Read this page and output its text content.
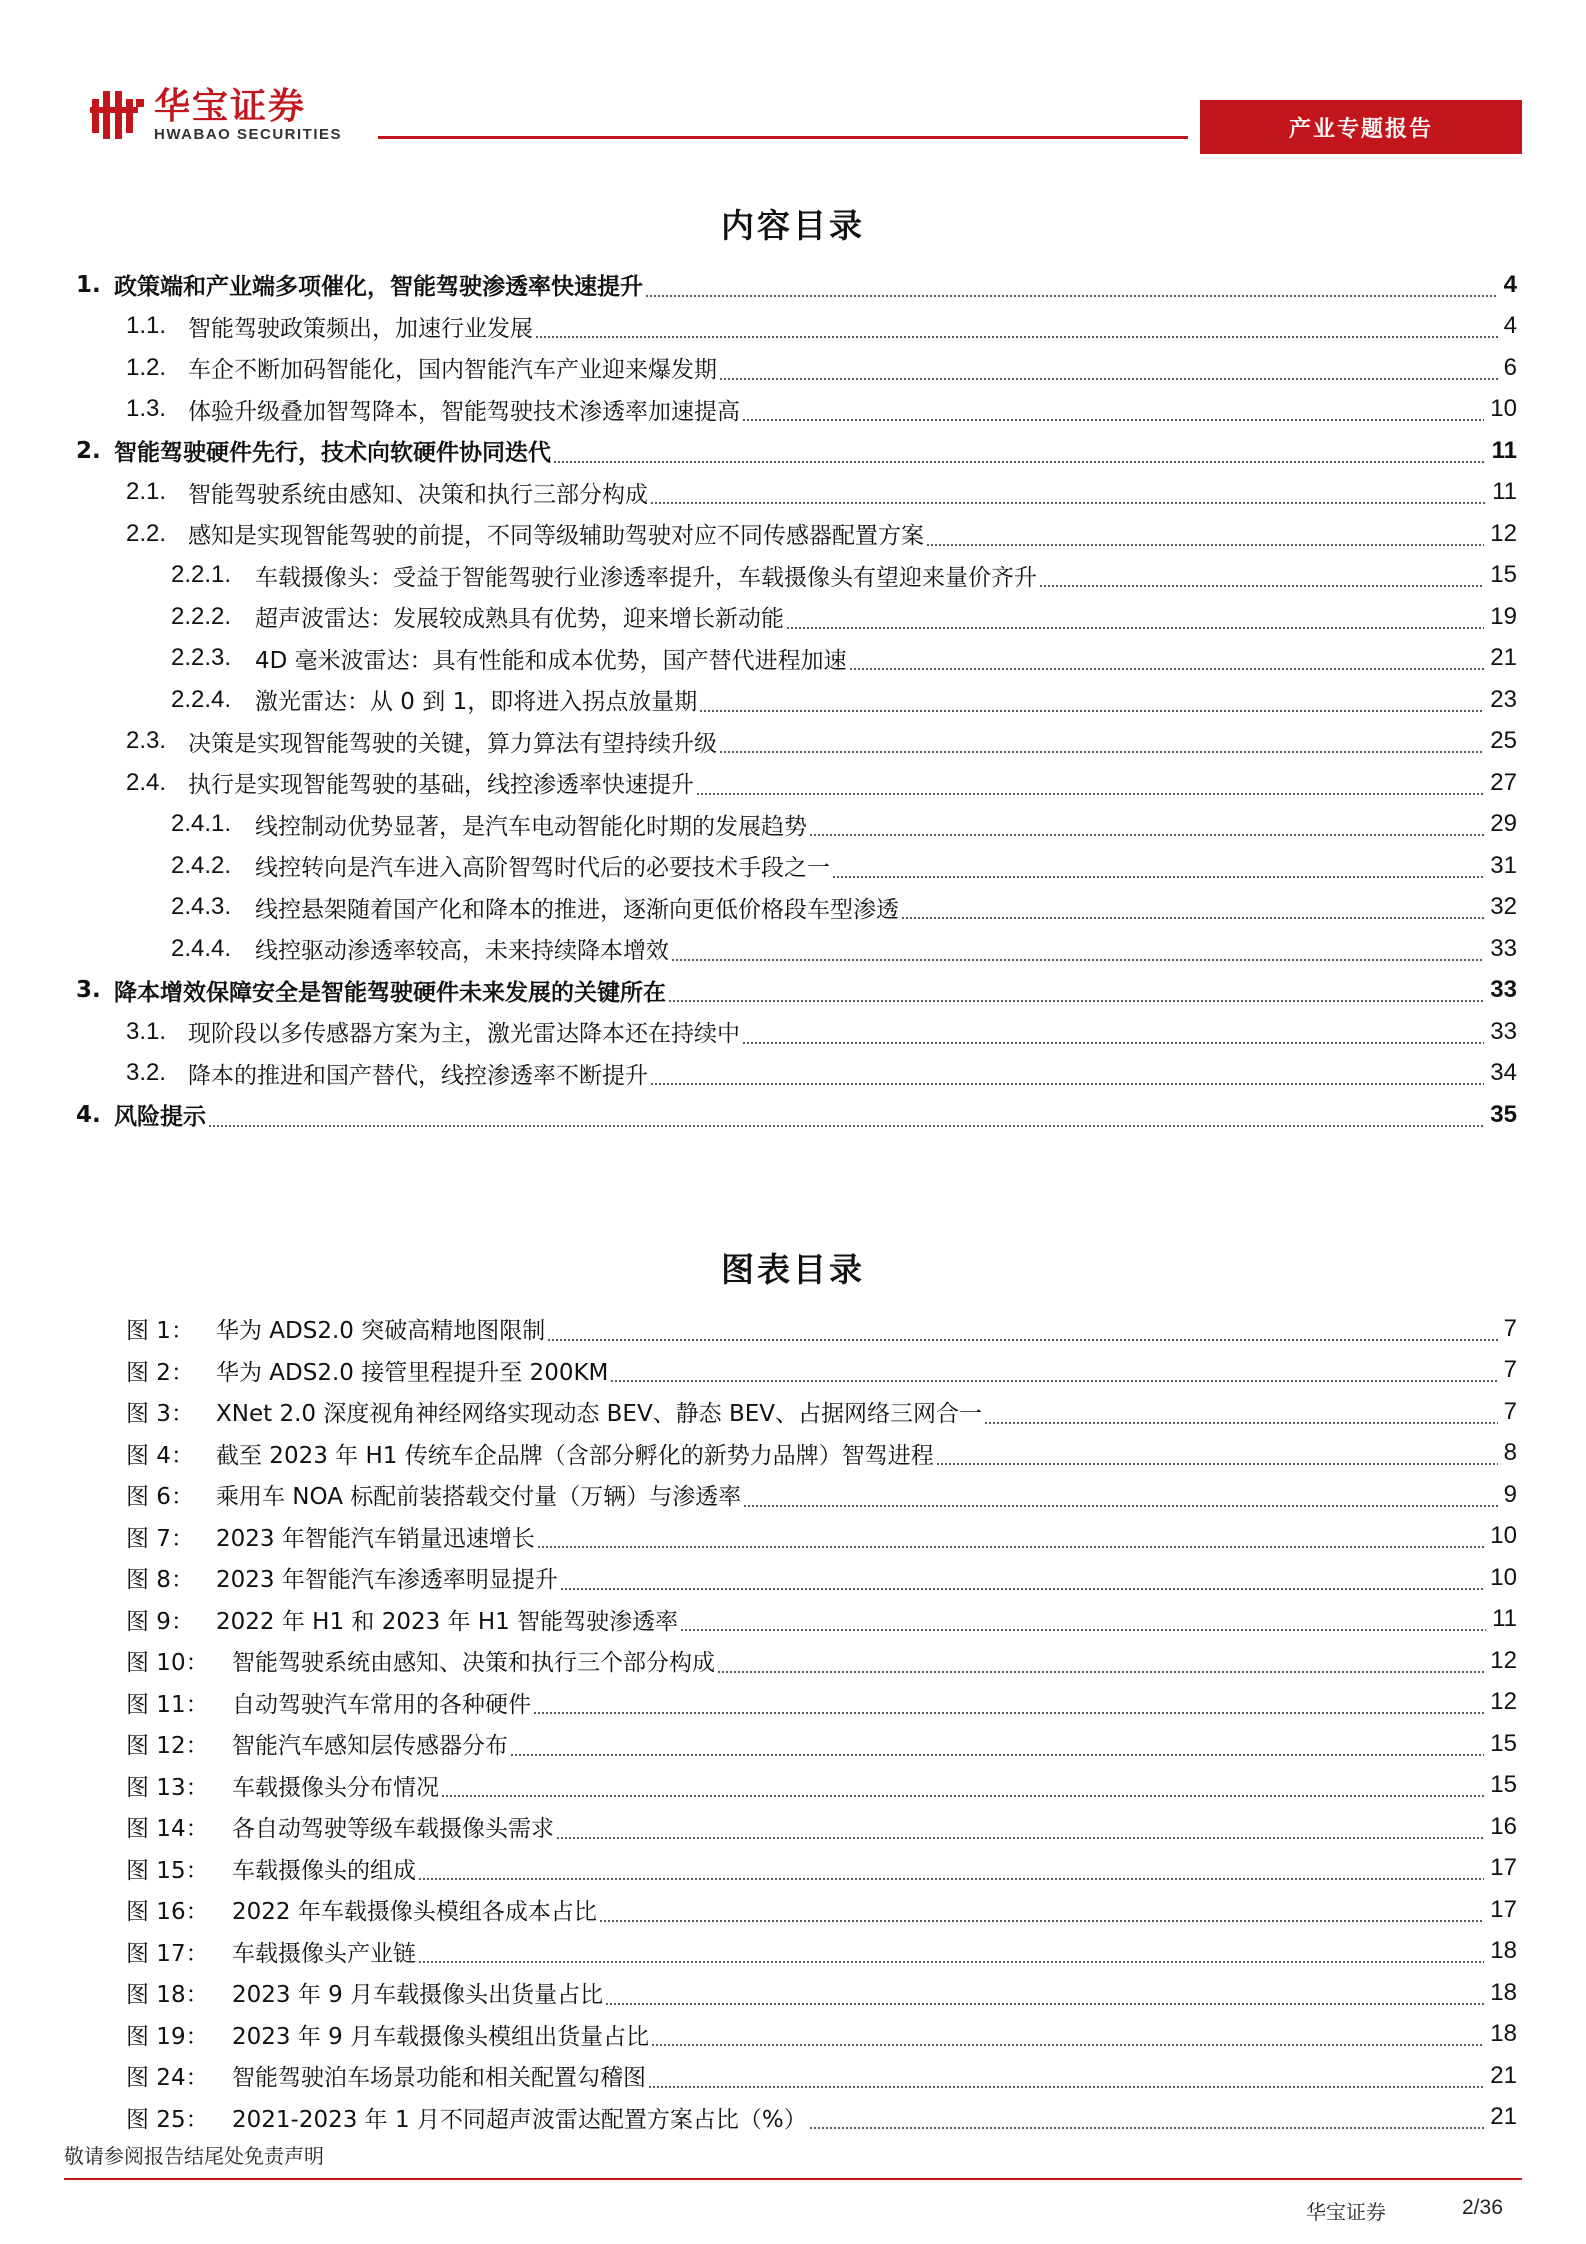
华宝证券
HWABAO SECURITIES	产业专题报告
内容目录
1. 政策端和产业端多项催化，智能驾驶渗透率快速提升	4
1.1. 智能驾驶政策频出，加速行业发展	4
1.2. 车企不断加码智能化，国内智能汽车产业迎来爆发期	6
1.3. 体验升级叠加智驾降本，智能驾驶技术渗透率加速提高	10
2. 智能驾驶硬件先行，技术向软硬件协同迭代	11
2.1. 智能驾驶系统由感知、决策和执行三部分构成	11
2.2. 感知是实现智能驾驶的前提，不同等级辅助驾驶对应不同传感器配置方案	12
2.2.1.	车载摄像头：受益于智能驾驶行业渗透率提升，车载摄像头有望迎来量价齐升	15
2.2.2.	超声波雷达：发展较成熟具有优势，迎来增长新动能	19
2.2.3.	4D 毫米波雷达：具有性能和成本优势，国产替代进程加速	21
2.2.4.	激光雷达：从 0 到 1，即将进入拐点放量期	23
2.3. 决策是实现智能驾驶的关键，算力算法有望持续升级	25
2.4. 执行是实现智能驾驶的基础，线控渗透率快速提升	27
2.4.1.	线控制动优势显著，是汽车电动智能化时期的发展趋势	29
2.4.2.	线控转向是汽车进入高阶智驾时代后的必要技术手段之一	31
2.4.3.	线控悬架随着国产化和降本的推进，逐渐向更低价格段车型渗透	32
2.4.4.	线控驱动渗透率较高，未来持续降本增效	33
3. 降本增效保障安全是智能驾驶硬件未来发展的关键所在	33
3.1. 现阶段以多传感器方案为主，激光雷达降本还在持续中	33
3.2. 降本的推进和国产替代，线控渗透率不断提升	34
4. 风险提示	35
图表目录
图 1： 华为 ADS2.0 突破高精地图限制	7
图 2： 华为 ADS2.0 接管里程提升至 200KM	7
图 3： XNet 2.0 深度视角神经网络实现动态 BEV、静态 BEV、占据网络三网合一	7
图 4： 截至 2023 年 H1 传统车企品牌（含部分孵化的新势力品牌）智驾进程	8
图 6： 乘用车 NOA 标配前装搭载交付量（万辆）与渗透率	9
图 7： 2023 年智能汽车销量迅速增长	10
图 8： 2023 年智能汽车渗透率明显提升	10
图 9： 2022 年 H1 和 2023 年 H1 智能驾驶渗透率	11
图 10：	智能驾驶系统由感知、决策和执行三个部分构成	12
图 11：	自动驾驶汽车常用的各种硬件	12
图 12：	智能汽车感知层传感器分布	15
图 13：	车载摄像头分布情况	15
图 14：	各自动驾驶等级车载摄像头需求	16
图 15：	车载摄像头的组成	17
图 16：	2022 年车载摄像头模组各成本占比	17
图 17：	车载摄像头产业链	18
图 18：	2023 年 9 月车载摄像头出货量占比	18
图 19：	2023 年 9 月车载摄像头模组出货量占比	18
图 24：	智能驾驶泊车场景功能和相关配置勾稽图	21
图 25：	2021-2023 年 1 月不同超声波雷达配置方案占比（%）	21
敬请参阅报告结尾处免责声明
华宝证券	2/36
